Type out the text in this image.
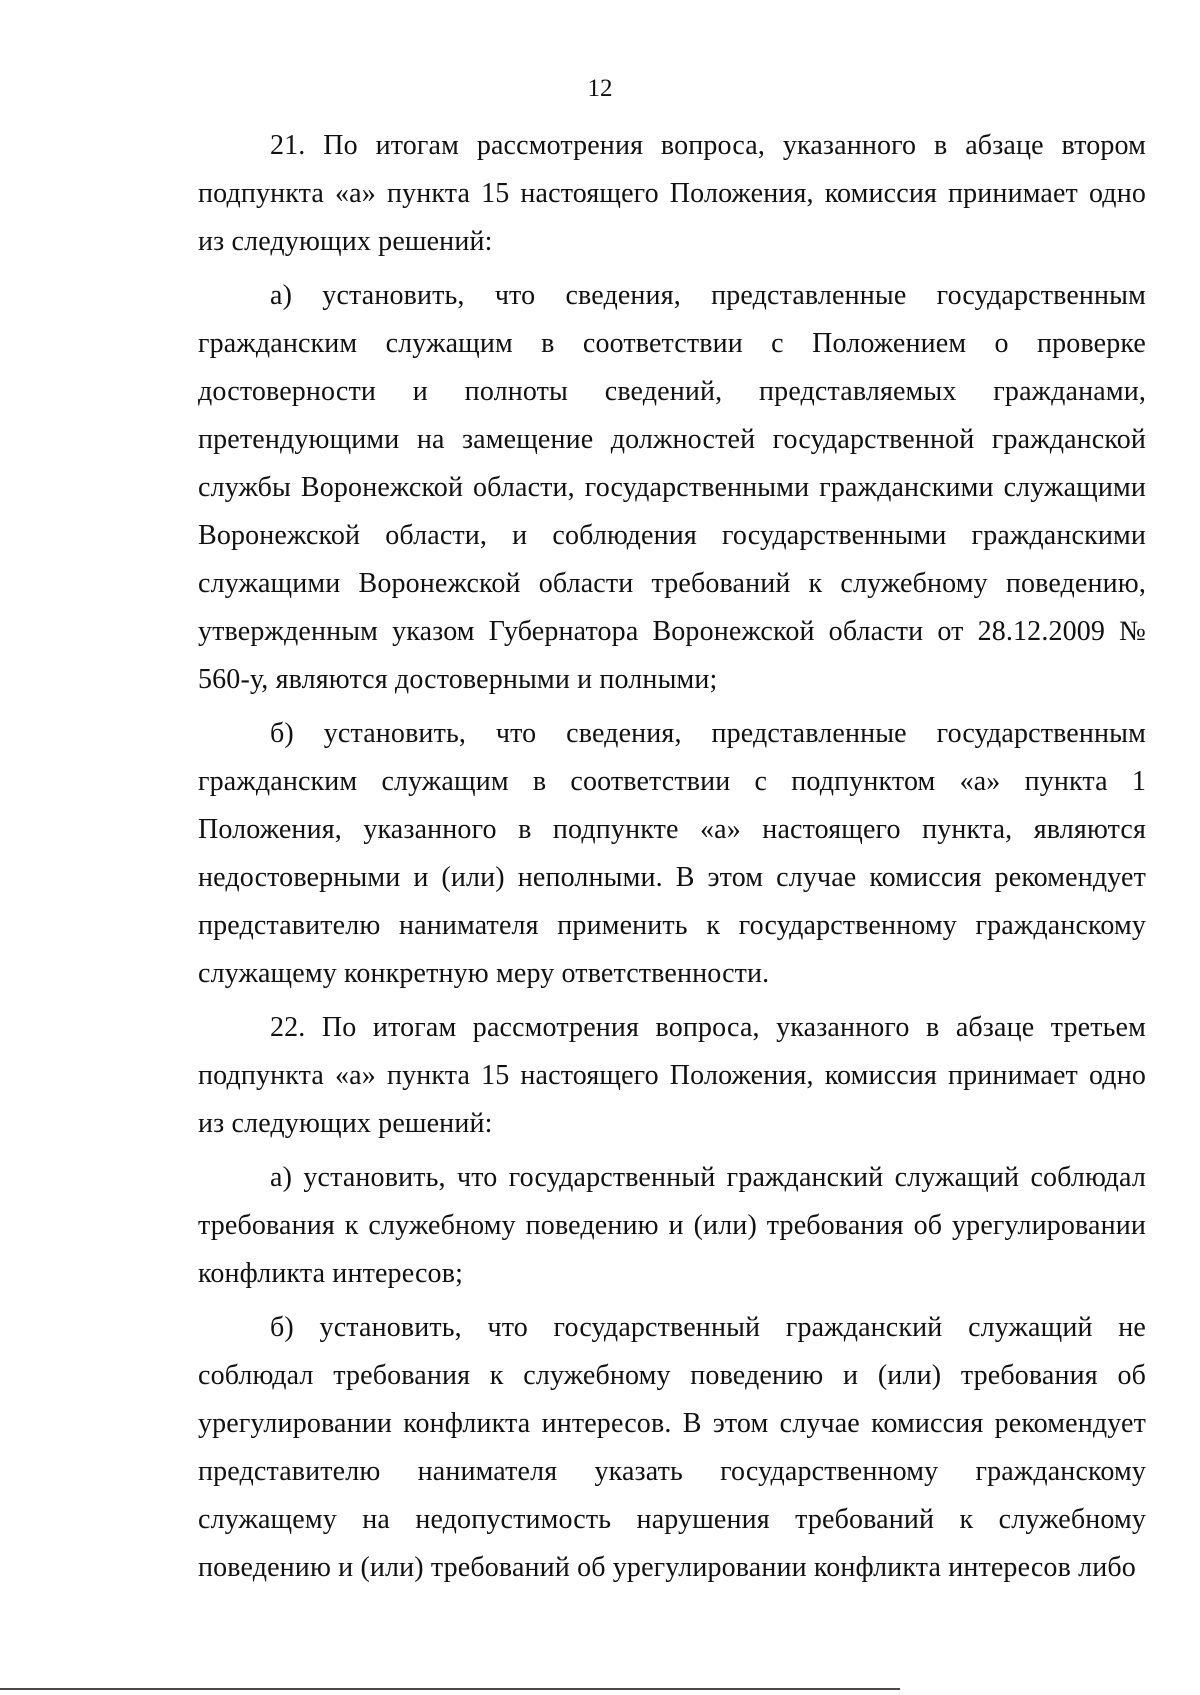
12

21. По итогам рассмотрения вопроса, указанного в абзаце втором подпункта «а» пункта 15 настоящего Положения, комиссия принимает одно из следующих решений:

а) установить, что сведения, представленные государственным гражданским служащим в соответствии с Положением о проверке достоверности и полноты сведений, представляемых гражданами, претендующими на замещение должностей государственной гражданской службы Воронежской области, государственными гражданскими служащими Воронежской области, и соблюдения государственными гражданскими служащими Воронежской области требований к служебному поведению, утвержденным указом Губернатора Воронежской области от 28.12.2009 № 560-у, являются достоверными и полными;

б) установить, что сведения, представленные государственным гражданским служащим в соответствии с подпунктом «а» пункта 1 Положения, указанного в подпункте «а» настоящего пункта, являются недостоверными и (или) неполными. В этом случае комиссия рекомендует представителю нанимателя применить к государственному гражданскому служащему конкретную меру ответственности.

22. По итогам рассмотрения вопроса, указанного в абзаце третьем подпункта «а» пункта 15 настоящего Положения, комиссия принимает одно из следующих решений:

а) установить, что государственный гражданский служащий соблюдал требования к служебному поведению и (или) требования об урегулировании конфликта интересов;

б) установить, что государственный гражданский служащий не соблюдал требования к служебному поведению и (или) требования об урегулировании конфликта интересов. В этом случае комиссия рекомендует представителю нанимателя указать государственному гражданскому служащему на недопустимость нарушения требований к служебному поведению и (или) требований об урегулировании конфликта интересов либо
